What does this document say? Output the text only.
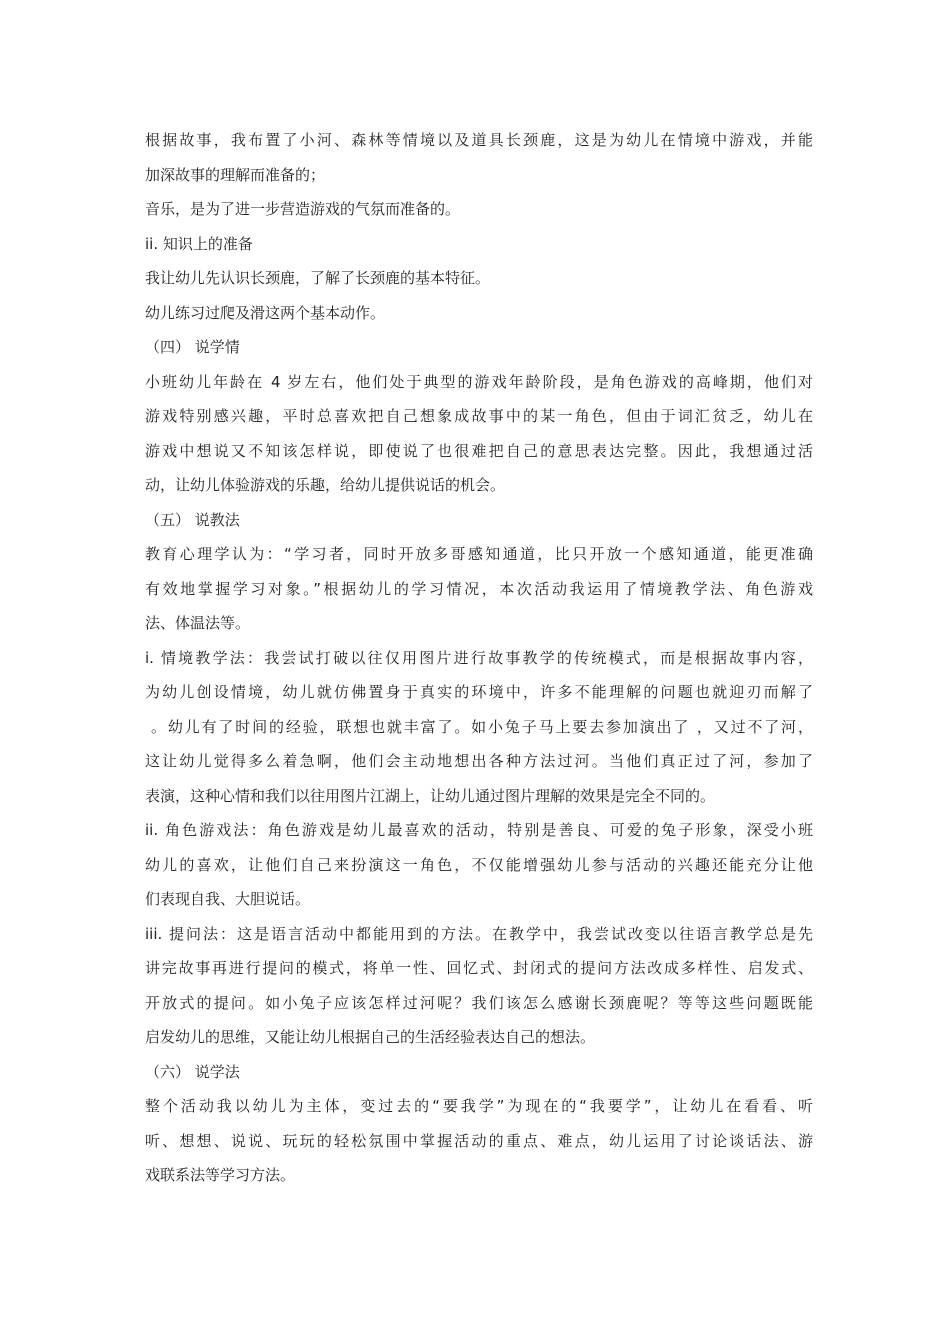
根据故事，我布置了小河、森林等情境以及道具长颈鹿，这是为幼儿在情境中游戏，并能
加深故事的理解而准备的；
音乐，是为了进一步营造游戏的气氛而准备的。
ii. 知识上的准备
我让幼儿先认识长颈鹿，了解了长颈鹿的基本特征。
幼儿练习过爬及滑这两个基本动作。
（四） 说学情
小班幼儿年龄在 4 岁左右，他们处于典型的游戏年龄阶段，是角色游戏的高峰期，他们对
游戏特别感兴趣，平时总喜欢把自己想象成故事中的某一角色，但由于词汇贫乏，幼儿在
游戏中想说又不知该怎样说，即使说了也很难把自己的意思表达完整。因此，我想通过活
动，让幼儿体验游戏的乐趣，给幼儿提供说话的机会。
（五） 说教法
教育心理学认为：“学习者，同时开放多哥感知通道，比只开放一个感知通道，能更准确
有效地掌握学习对象。”根据幼儿的学习情况，本次活动我运用了情境教学法、角色游戏
法、体温法等。
i. 情境教学法：我尝试打破以往仅用图片进行故事教学的传统模式，而是根据故事内容，
为幼儿创设情境，幼儿就仿佛置身于真实的环境中，许多不能理解的问题也就迎刃而解了
。幼儿有了时间的经验，联想也就丰富了。如小兔子马上要去参加演出了 ，又过不了河，
这让幼儿觉得多么着急啊，他们会主动地想出各种方法过河。当他们真正过了河，参加了
表演，这种心情和我们以往用图片江湖上，让幼儿通过图片理解的效果是完全不同的。
ii. 角色游戏法：角色游戏是幼儿最喜欢的活动，特别是善良、可爱的兔子形象，深受小班
幼儿的喜欢，让他们自己来扮演这一角色，不仅能增强幼儿参与活动的兴趣还能充分让他
们表现自我、大胆说话。
iii. 提问法：这是语言活动中都能用到的方法。在教学中，我尝试改变以往语言教学总是先
讲完故事再进行提问的模式，将单一性、回忆式、封闭式的提问方法改成多样性、启发式、
开放式的提问。如小兔子应该怎样过河呢？我们该怎么感谢长颈鹿呢？等等这些问题既能
启发幼儿的思维，又能让幼儿根据自己的生活经验表达自己的想法。
（六） 说学法
整个活动我以幼儿为主体，变过去的“要我学”为现在的“我要学”，让幼儿在看看、听
听、想想、说说、玩玩的轻松氛围中掌握活动的重点、难点，幼儿运用了讨论谈话法、游
戏联系法等学习方法。
